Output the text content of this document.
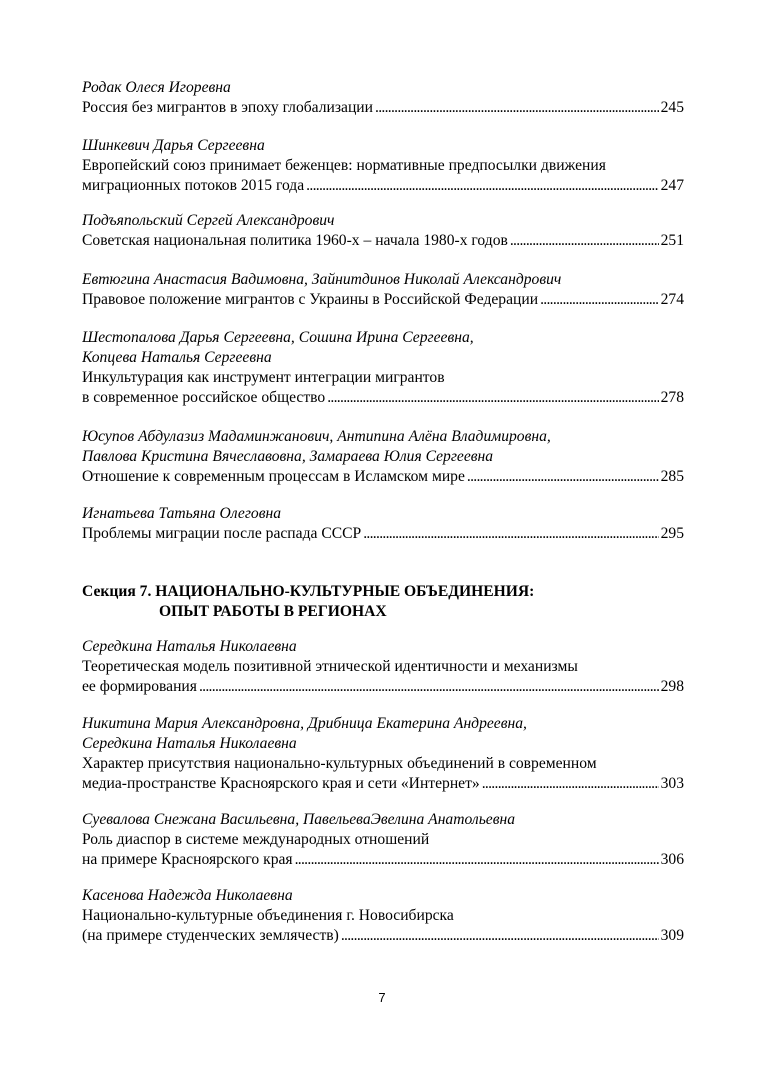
Родак Олеся Игоревна
Россия без мигрантов в эпоху глобализации . . .	245
Шинкевич Дарья Сергеевна
Европейский союз принимает беженцев: нормативные предпосылки движения
миграционных потоков 2015 года . . .	247
Подъяпольский Сергей Александрович
Советская национальная политика 1960-х – начала 1980-х годов . . .	251
Евтюгина Анастасия Вадимовна, Зайнитдинов Николай Александрович
Правовое положение мигрантов с Украины в Российской Федерации . . .	274
Шестопалова Дарья Сергеевна, Сошина Ирина Сергеевна,
Копцева Наталья Сергеевна
Инкультурация как инструмент интеграции мигрантов
в современное российское общество . . .	278
Юсупов Абдулазиз Мадаминжанович, Антипина Алёна Владимировна,
Павлова Кристина Вячеславовна, Замараева Юлия Сергеевна
Отношение к современным процессам в Исламском мире . . .	285
Игнатьева Татьяна Олеговна
Проблемы миграции после распада СССР . . .	295
Секция 7. НАЦИОНАЛЬНО-КУЛЬТУРНЫЕ ОБЪЕДИНЕНИЯ:
ОПЫТ РАБОТЫ В РЕГИОНАХ
Середкина Наталья Николаевна
Теоретическая модель позитивной этнической идентичности и механизмы
ее формирования . . .	298
Никитина Мария Александровна, Дрибница Екатерина Андреевна,
Середкина Наталья Николаевна
Характер присутствия национально-культурных объединений в современном
медиа-пространстве Красноярского края и сети «Интернет» . . .	303
Суевалова Снежана Васильевна, ПавельеваЭвелина Анатольевна
Роль диаспор в системе международных отношений
на примере Красноярского края . . .	306
Касенова Надежда Николаевна
Национально-культурные объединения г. Новосибирска
(на примере студенческих землячеств) . . .	309
7
